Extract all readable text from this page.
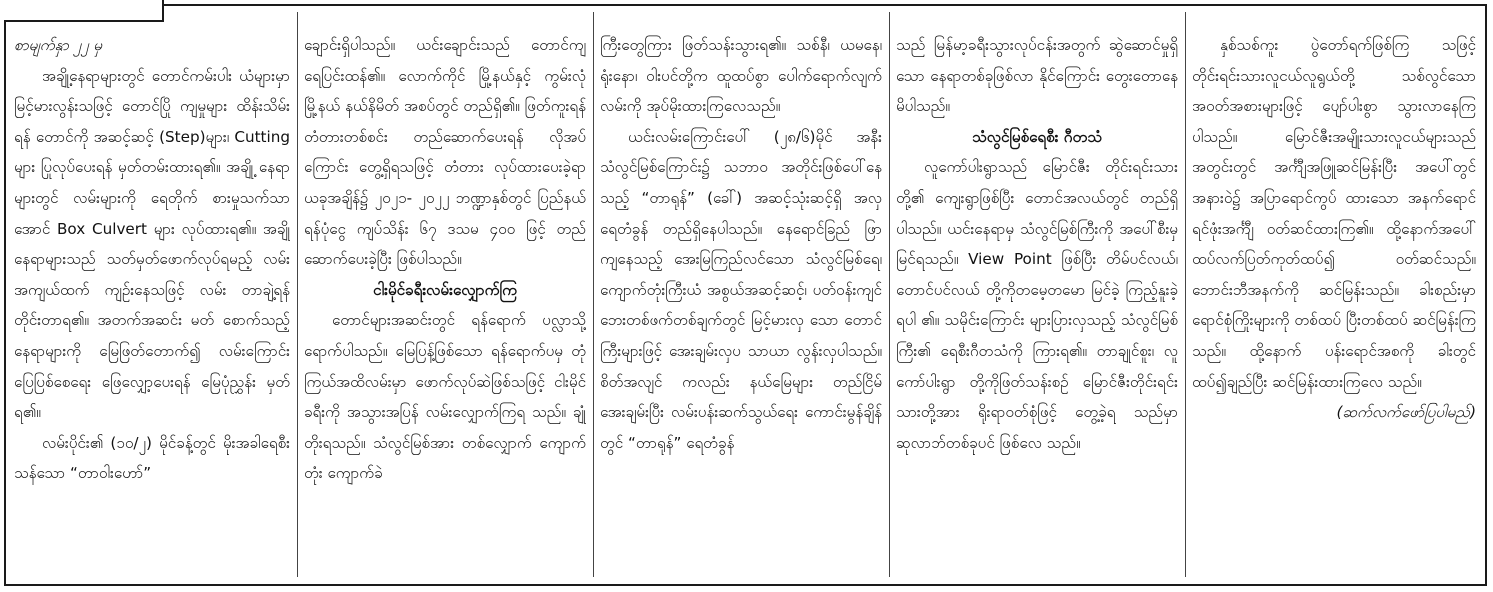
စာမျက်နှာ ၂၂ မှ

အချို့နေရာများတွင် တောင်ကမ်းပါး ယံများမှာ မြင့်မားလွန်းသဖြင့် တောင်ပြို ကျမှုများ ထိန်းသိမ်းရန် တောင်ကို အဆင့်ဆင့် (Step)များ၊ Cutting များ ပြုလုပ်ပေးရန် မှတ်တမ်းထားရ၏။ အချို့ နေရာများတွင် လမ်းများကို ရေတိုက် စားမှုသက်သာအောင် Box Culvert များ လုပ်ထားရ၏။ အချို့နေရာများသည် သတ်မှတ်ဖောက်လုပ်ရမည့် လမ်း အကျယ်ထက် ကျဉ်းနေသဖြင့် လမ်း တာချဲ့ရန်တိုင်းတာရ၏။ အတက်အဆင်း မတ် စောက်သည့် နေရာများကို မြေဖြတ်တောက်၍ လမ်းကြောင်း ပြေပြစ်စေရေး ဖြေလျှော့ပေးရန် မြေပုံညွှန်း မှတ်ရ၏။

လမ်းပိုင်း၏ (၁၀/၂) မိုင်ခန့်တွင် မိုးအခါရေစီးသန်သော “တာဝါးဟော်”

ချောင်းရှိပါသည်။ ယင်းချောင်းသည် တောင်ကျရေပြင်းထန်၏။ လောက်ကိုင် မြို့နယ်နှင့် ကွမ်းလုံမြို့နယ် နယ်နိမိတ် အစပ်တွင် တည်ရှိ၏။ ဖြတ်ကူးရန် တံတားတစ်စင်း တည်ဆောက်ပေးရန် လိုအပ်ကြောင်း တွေ့ရှိရသဖြင့် တံတား လုပ်ထားပေးခဲ့ရာ ယခုအချိန်၌ ၂၀၂၁- ၂၀၂၂ ဘဏ္ဍာနှစ်တွင် ပြည်နယ်ရန်ပုံငွေ ကျပ်သိန်း ၆၇ ဒသမ ၄၀၀ ဖြင့် တည် ဆောက်ပေးခဲ့ပြီး ဖြစ်ပါသည်။

ငါးမိုင်ခရီးလမ်းလျှောက်ကြ

တောင်များအဆင်းတွင် ရန်ရောက် ပလ္လာသို့ ရောက်ပါသည်။ မြေပြန့်ဖြစ်သော ရန်ရောက်ပမှ တုံကြယ်အထိလမ်းမှာ ဖောက်လုပ်ဆဲဖြစ်သဖြင့် ငါးမိုင်ခရီးကို အသွားအပြန် လမ်းလျှောက်ကြရ သည်။ ချုံတိုးရသည်။ သံလွင်မြစ်အား တစ်လျှောက် ကျောက်တုံး ကျောက်ခဲ

ကြီးတွေကြား ဖြတ်သန်းသွားရ၏။ သစ်နီ၊ ယမနေ၊ ရုံးနော၊ ဝါးပင်တို့က ထူထပ်စွာ ပေါက်ရောက်လျက် လမ်းကို အုပ်မိုးထားကြလေသည်။

ယင်းလမ်းကြောင်းပေါ် (၂၈/၆)မိုင် အနီး သံလွင်မြစ်ကြောင်း၌ သဘာဝ အတိုင်းဖြစ်ပေါ်နေသည့် “တာရုန်” (ခေါ်) အဆင့်သုံးဆင့်ရှိ အလှရေတံခွန် တည်ရှိနေပါသည်။ နေရောင်ခြည် ဖြာကျနေသည့် အေးမြကြည်လင်သော သံလွင်မြစ်ရေ၊ ကျောက်တုံးကြီးယံ အစွယ်အဆင့်ဆင့်၊ ပတ်ဝန်းကျင် ဘေးတစ်ဖက်တစ်ချက်တွင် မြင့်မားလှ သော တောင်ကြီးများဖြင့် အေးချမ်းလှပ သာယာ လွန်းလှပါသည်။ စိတ်အလျင် ကလည်း နယ်မြေများ တည်ငြိမ် အေးချမ်းပြီး လမ်းပန်းဆက်သွယ်ရေး ကောင်းမွန်ချိန်တွင် “တာရုန်” ရေတံခွန်

သည် မြန်မာ့ခရီးသွားလုပ်ငန်းအတွက် ဆွဲဆောင်မှုရှိသော နေရာတစ်ခုဖြစ်လာ နိုင်ကြောင်း တွေးတောနေမိပါသည်။

သံလွင်မြစ်ရေစီး ဂီတသံ

လူကော်ပါးရွာသည် မြောင်ဇီး တိုင်းရင်းသားတို့၏ ကျေးရွာဖြစ်ပြီး တောင်အလယ်တွင် တည်ရှိပါသည်။ ယင်းနေရာမှ သံလွင်မြစ်ကြီးကို အပေါ်စီးမှမြင်ရသည်။ View Point ဖြစ်ပြီး တိမ်ပင်လယ်၊ တောင်ပင်လယ် တို့ကိုတမေ့တမော မြင်ခဲ့ ကြည့်နူးခဲ့ရပါ ၏။ သမိုင်းကြောင်း များပြားလှသည့် သံလွင်မြစ်ကြီး၏ ရေစီးဂီတသံကို ကြားရ၏။ တာချုင်စူး၊ လူကော်ပါးရွာ တို့ကိုဖြတ်သန်းစဉ် မြောင်ဇီးတိုင်းရင်း သားတို့အား ရိုးရာဝတ်စုံဖြင့် တွေ့ခဲ့ရ သည်မှာ ဆုလာဘ်တစ်ခုပင် ဖြစ်လေ သည်။

နှစ်သစ်ကူး ပွဲတော်ရက်ဖြစ်ကြ သဖြင့် တိုင်းရင်းသားလူငယ်လူရွယ်တို့ သစ်လွင်သော အဝတ်အစားများဖြင့် ပျော်ပါးစွာ သွားလာနေကြပါသည်။ မြောင်ဇီးအမျိုးသားလူငယ်များသည် အတွင်းတွင် အင်္ကျီအဖြူဆင်မြန်းပြီး အပေါ်တွင် အနားဝဲ၌ အပြာရောင်ကွပ် ထားသော အနက်ရောင် ရင်ဖုံးအင်္ကျီ ဝတ်ဆင်ထားကြ၏။ ထို့နောက်အပေါ် ထပ်လက်ပြတ်ကုတ်ထပ်၍ ဝတ်ဆင်သည်။ ဘောင်းဘီအနက်ကို ဆင်မြန်းသည်။ ခါးစည်းမှာ ရောင်စုံကြိုးများကို တစ်ထပ် ပြီးတစ်ထပ် ဆင်မြန်းကြသည်။ ထို့နောက် ပန်းရောင်အစကို ခါးတွင် ထပ်၍ချည်ပြီး ဆင်မြန်းထားကြလေ သည်။

(ဆက်လက်ဖော်ပြပါမည်)
